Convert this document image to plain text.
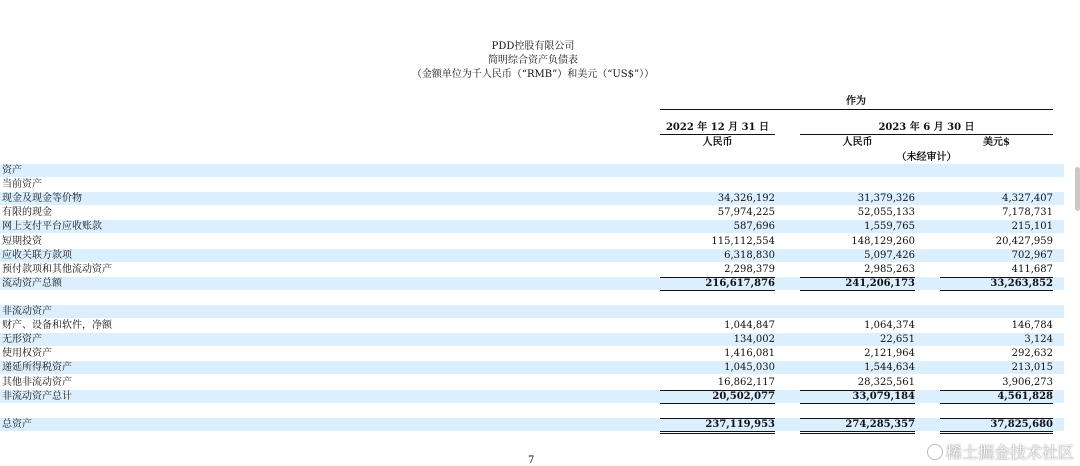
PDD控股有限公司
简明综合资产负债表
（金额单位为千人民币（“RMB”）和美元（“US$”））
作为
2022 年 12 月 31 日	2023 年 6 月 30 日
人民币	人民币	美元$
（未经审计）
资产
当前资产
现金及现金等价物	34,326,192	31,379,326	4,327,407
有限的现金	57,974,225	52,055,133	7,178,731
网上支付平台应收账款	587,696	1,559,765	215,101
短期投资	115,112,554	148,129,260	20,427,959
应收关联方款项	6,318,830	5,097,426	702,967
预付款项和其他流动资产	2,298,379	2,985,263	411,687
流动资产总额	216,617,876	241,206,173	33,263,852
非流动资产
财产、设备和软件，净额	1,044,847	1,064,374	146,784
无形资产	134,002	22,651	3,124
使用权资产	1,416,081	2,121,964	292,632
递延所得税资产	1,045,030	1,544,634	213,015
其他非流动资产	16,862,117	28,325,561	3,906,273
非流动资产总计	20,502,077	33,079,184	4,561,828
总资产	237,119,953	274,285,357	37,825,680
7	稀土掘金技术社区
